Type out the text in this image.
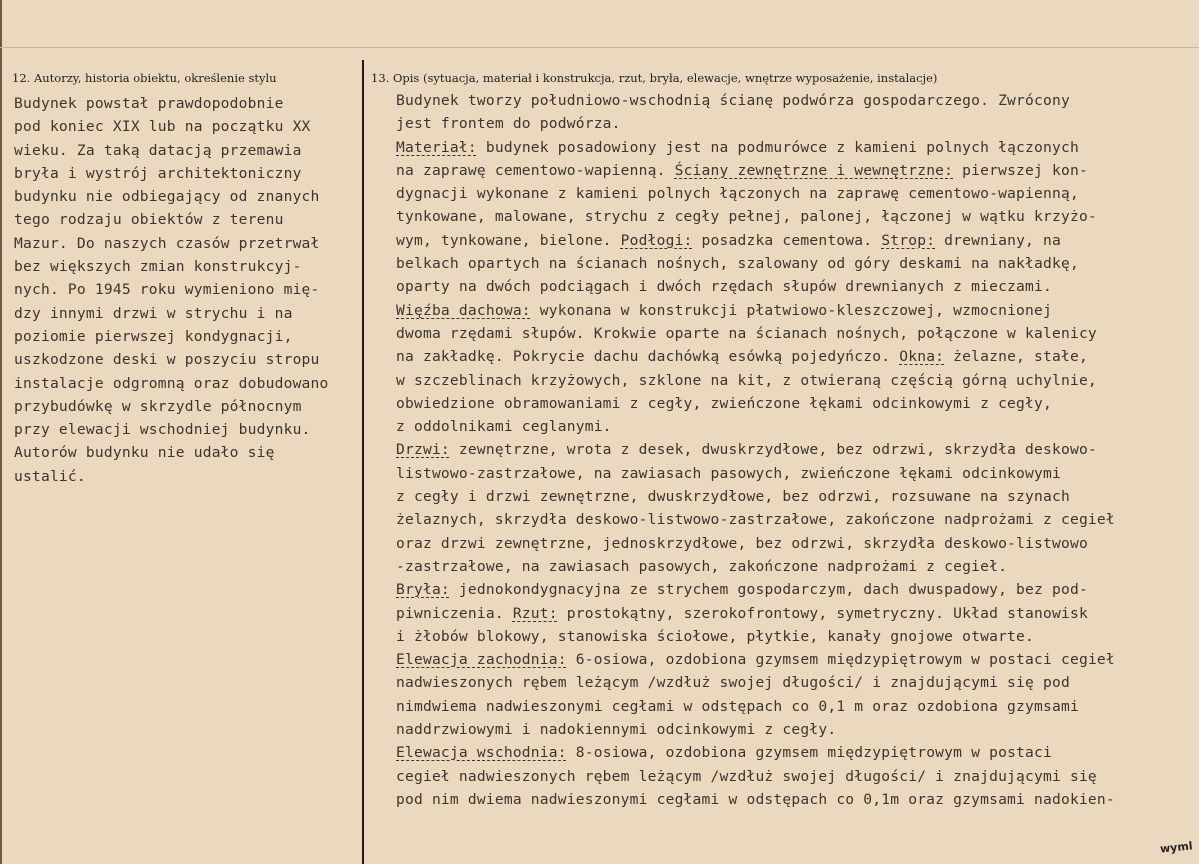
12. Autorzy, historia obiektu, określenie stylu	13. Opis (sytuacja, materiał i konstrukcja, rzut, bryła, elewacje, wnętrze wyposażenie, instalacje)
Budynek powstał prawdopodobnie
pod koniec XIX lub na początku XX
wieku. Za taką datacją przemawia
bryła i wystrój architektoniczny
budynku nie odbiegający od znanych
tego rodzaju obiektów z terenu
Mazur. Do naszych czasów przetrwał
bez większych zmian konstrukcyj-
nych. Po 1945 roku wymieniono mię-
dzy innymi drzwi w strychu i na
poziomie pierwszej kondygnacji,
uszkodzone deski w poszyciu stropu
instalacje odgromną oraz dobudowano
przybudówkę w skrzydle północnym
przy elewacji wschodniej budynku.
Autorów budynku nie udało się
ustalić.
Budynek tworzy południowo-wschodnią ścianę podwórza gospodarczego. Zwrócony
jest frontem do podwórza.
Materiał: budynek posadowiony jest na podmurówce z kamieni polnych łączonych
na zaprawę cementowo-wapienną. Ściany zewnętrzne i wewnętrzne: pierwszej kon-
dygnacji wykonane z kamieni polnych łączonych na zaprawę cementowo-wapienną,
tynkowane, malowane, strychu z cegły pełnej, palonej, łączonej w wątku krzyżo-
wym, tynkowane, bielone. Podłogi: posadzka cementowa. Strop: drewniany, na
belkach opartych na ścianach nośnych, szalowany od góry deskami na nakładkę,
oparty na dwóch podciągach i dwóch rzędach słupów drewnianych z mieczami.
Więźba dachowa: wykonana w konstrukcji płatwiowo-kleszczowej, wzmocnionej
dwoma rzędami słupów. Krokwie oparte na ścianach nośnych, połączone w kalenicy
na zakładkę. Pokrycie dachu dachówką esówką pojedyńczo. Okna: żelazne, stałe,
w szczeblinach krzyżowych, szklone na kit, z otwieraną częścią górną uchylnie,
obwiedzione obramowaniami z cegły, zwieńczone łękami odcinkowymi z cegły,
z oddolnikami ceglanymi.
Drzwi: zewnętrzne, wrota z desek, dwuskrzydłowe, bez odrzwi, skrzydła deskowo-
listwowo-zastrzałowe, na zawiasach pasowych, zwieńczone łękami odcinkowymi
z cegły i drzwi zewnętrzne, dwuskrzydłowe, bez odrzwi, rozsuwane na szynach
żelaznych, skrzydła deskowo-listwowo-zastrzałowe, zakończone nadprożami z cegieł
oraz drzwi zewnętrzne, jednoskrzydłowe, bez odrzwi, skrzydła deskowo-listwowo
-zastrzałowe, na zawiasach pasowych, zakończone nadprożami z cegieł.
Bryła: jednokondygnacyjna ze strychem gospodarczym, dach dwuspadowy, bez pod-
piwniczenia. Rzut: prostokątny, szerokofrontowy, symetryczny. Układ stanowisk
i żłobów blokowy, stanowiska ściołowe, płytkie, kanały gnojowe otwarte.
Elewacja zachodnia: 6-osiowa, ozdobiona gzymsem międzypiętrowym w postaci cegieł
nadwieszonych rębem leżącym /wzdłuż swojej długości/ i znajdującymi się pod
nimdwiema nadwieszonymi cegłami w odstępach co 0,1 m oraz ozdobiona gzymsami
naddrzwiowymi i nadokiennymi odcinkowymi z cegły.
Elewacja wschodnia: 8-osiowa, ozdobiona gzymsem międzypiętrowym w postaci
cegieł nadwieszonych rębem leżącym /wzdłuż swojej długości/ i znajdującymi się
pod nim dwiema nadwieszonymi cegłami w odstępach co 0,1m oraz gzymsami nadokien-
wyml
